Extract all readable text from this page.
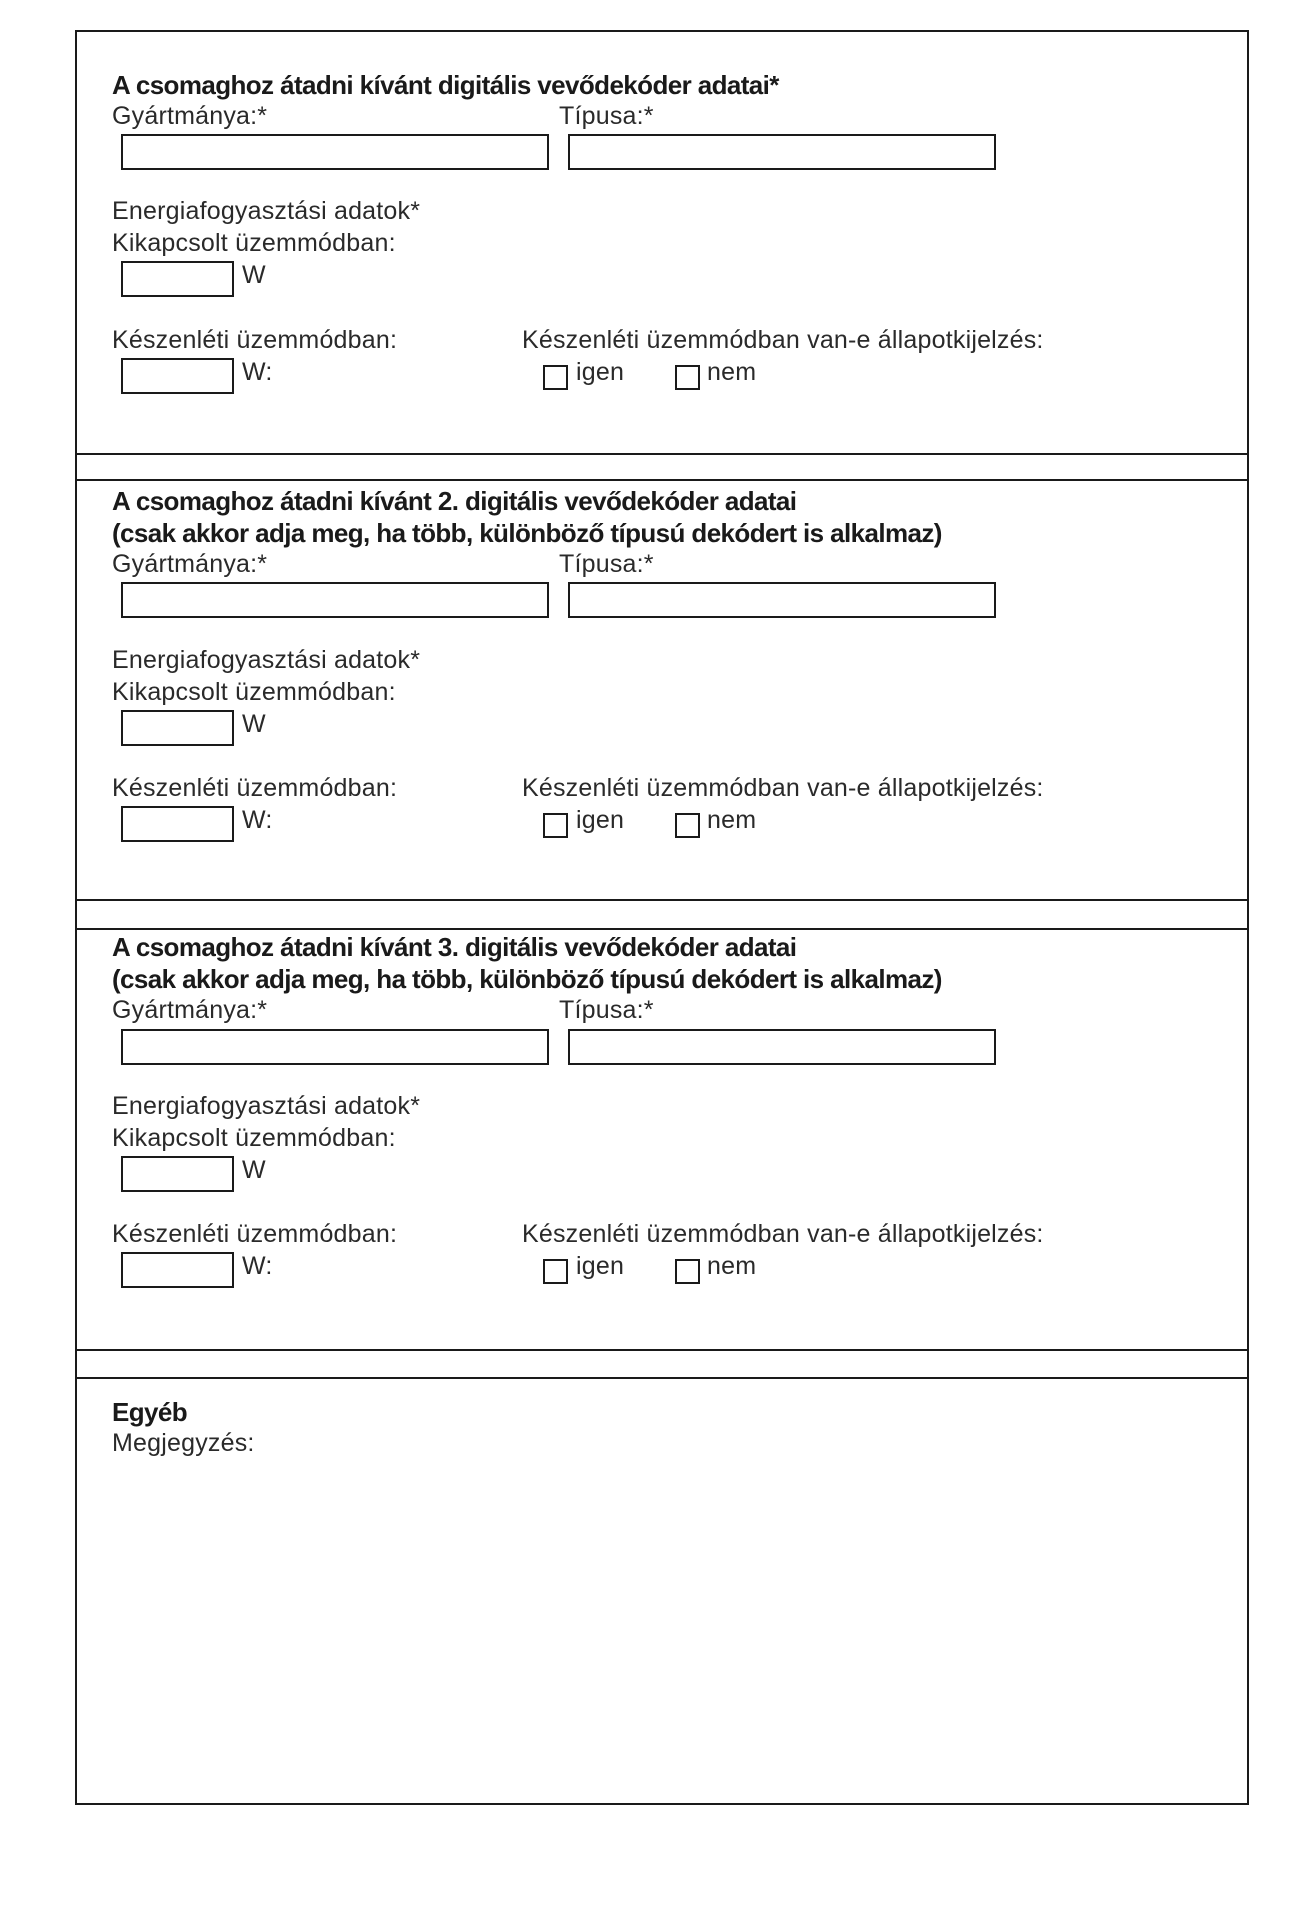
A csomaghoz átadni kívánt digitális vevődekóder adatai*
Gyártmánya:*	Típusa:*
Energiafogyasztási adatok*
Kikapcsolt üzemmódban:
W
Készenléti üzemmódban:	Készenléti üzemmódban van-e állapotkijelzés:
W:	igen	nem
A csomaghoz átadni kívánt 2. digitális vevődekóder adatai
(csak akkor adja meg, ha több, különböző típusú dekódert is alkalmaz)
Gyártmánya:*	Típusa:*
Energiafogyasztási adatok*
Kikapcsolt üzemmódban:
W
Készenléti üzemmódban:	Készenléti üzemmódban van-e állapotkijelzés:
W:	igen	nem
A csomaghoz átadni kívánt 3. digitális vevődekóder adatai
(csak akkor adja meg, ha több, különböző típusú dekódert is alkalmaz)
Gyártmánya:*	Típusa:*
Energiafogyasztási adatok*
Kikapcsolt üzemmódban:
W
Készenléti üzemmódban:	Készenléti üzemmódban van-e állapotkijelzés:
W:	igen	nem
Egyéb
Megjegyzés:
